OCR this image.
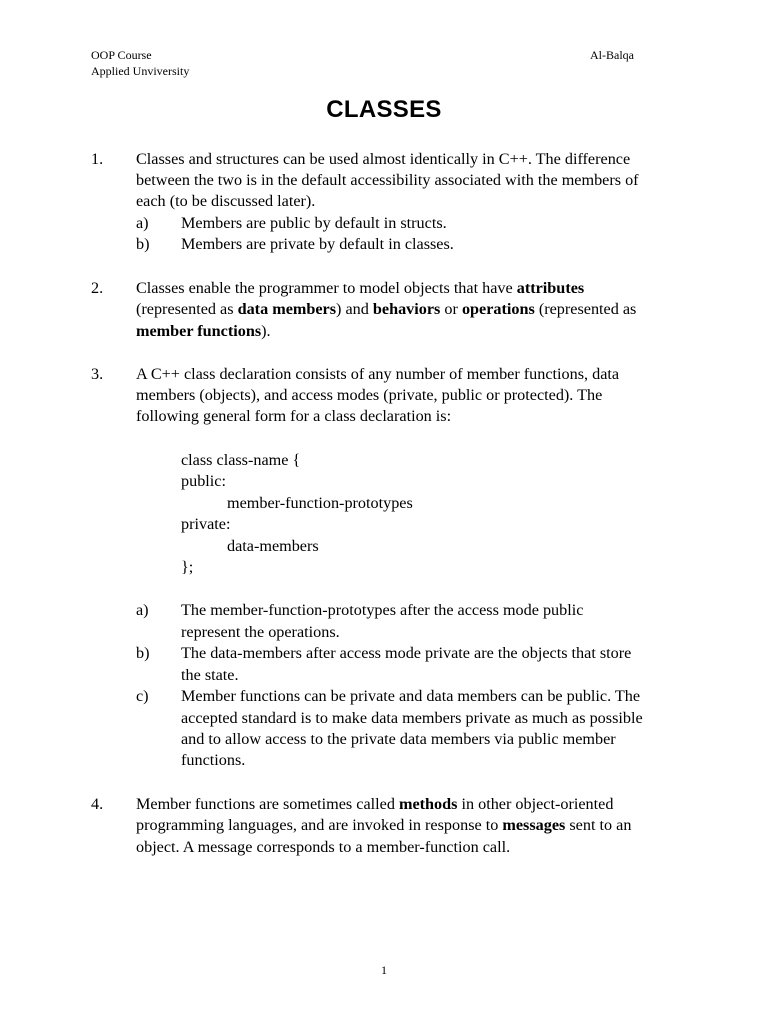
OOP Course
Applied Unviversity
Al-Balqa
CLASSES
1. Classes and structures can be used almost identically in C++. The difference
between the two is in the default accessibility associated with the members of
each (to be discussed later).
a) Members are public by default in structs.
b) Members are private by default in classes.
2. Classes enable the programmer to model objects that have attributes
(represented as data members) and behaviors or operations (represented as
member functions).
3. A C++ class declaration consists of any number of member functions, data
members (objects), and access modes (private, public or protected). The
following general form for a class declaration is:
class class-name {
public:
member-function-prototypes
private:
data-members
};
a) The member-function-prototypes after the access mode public
represent the operations.
b) The data-members after access mode private are the objects that store
the state.
c) Member functions can be private and data members can be public. The
accepted standard is to make data members private as much as possible
and to allow access to the private data members via public member
functions.
4. Member functions are sometimes called methods in other object-oriented
programming languages, and are invoked in response to messages sent to an
object. A message corresponds to a member-function call.
1
